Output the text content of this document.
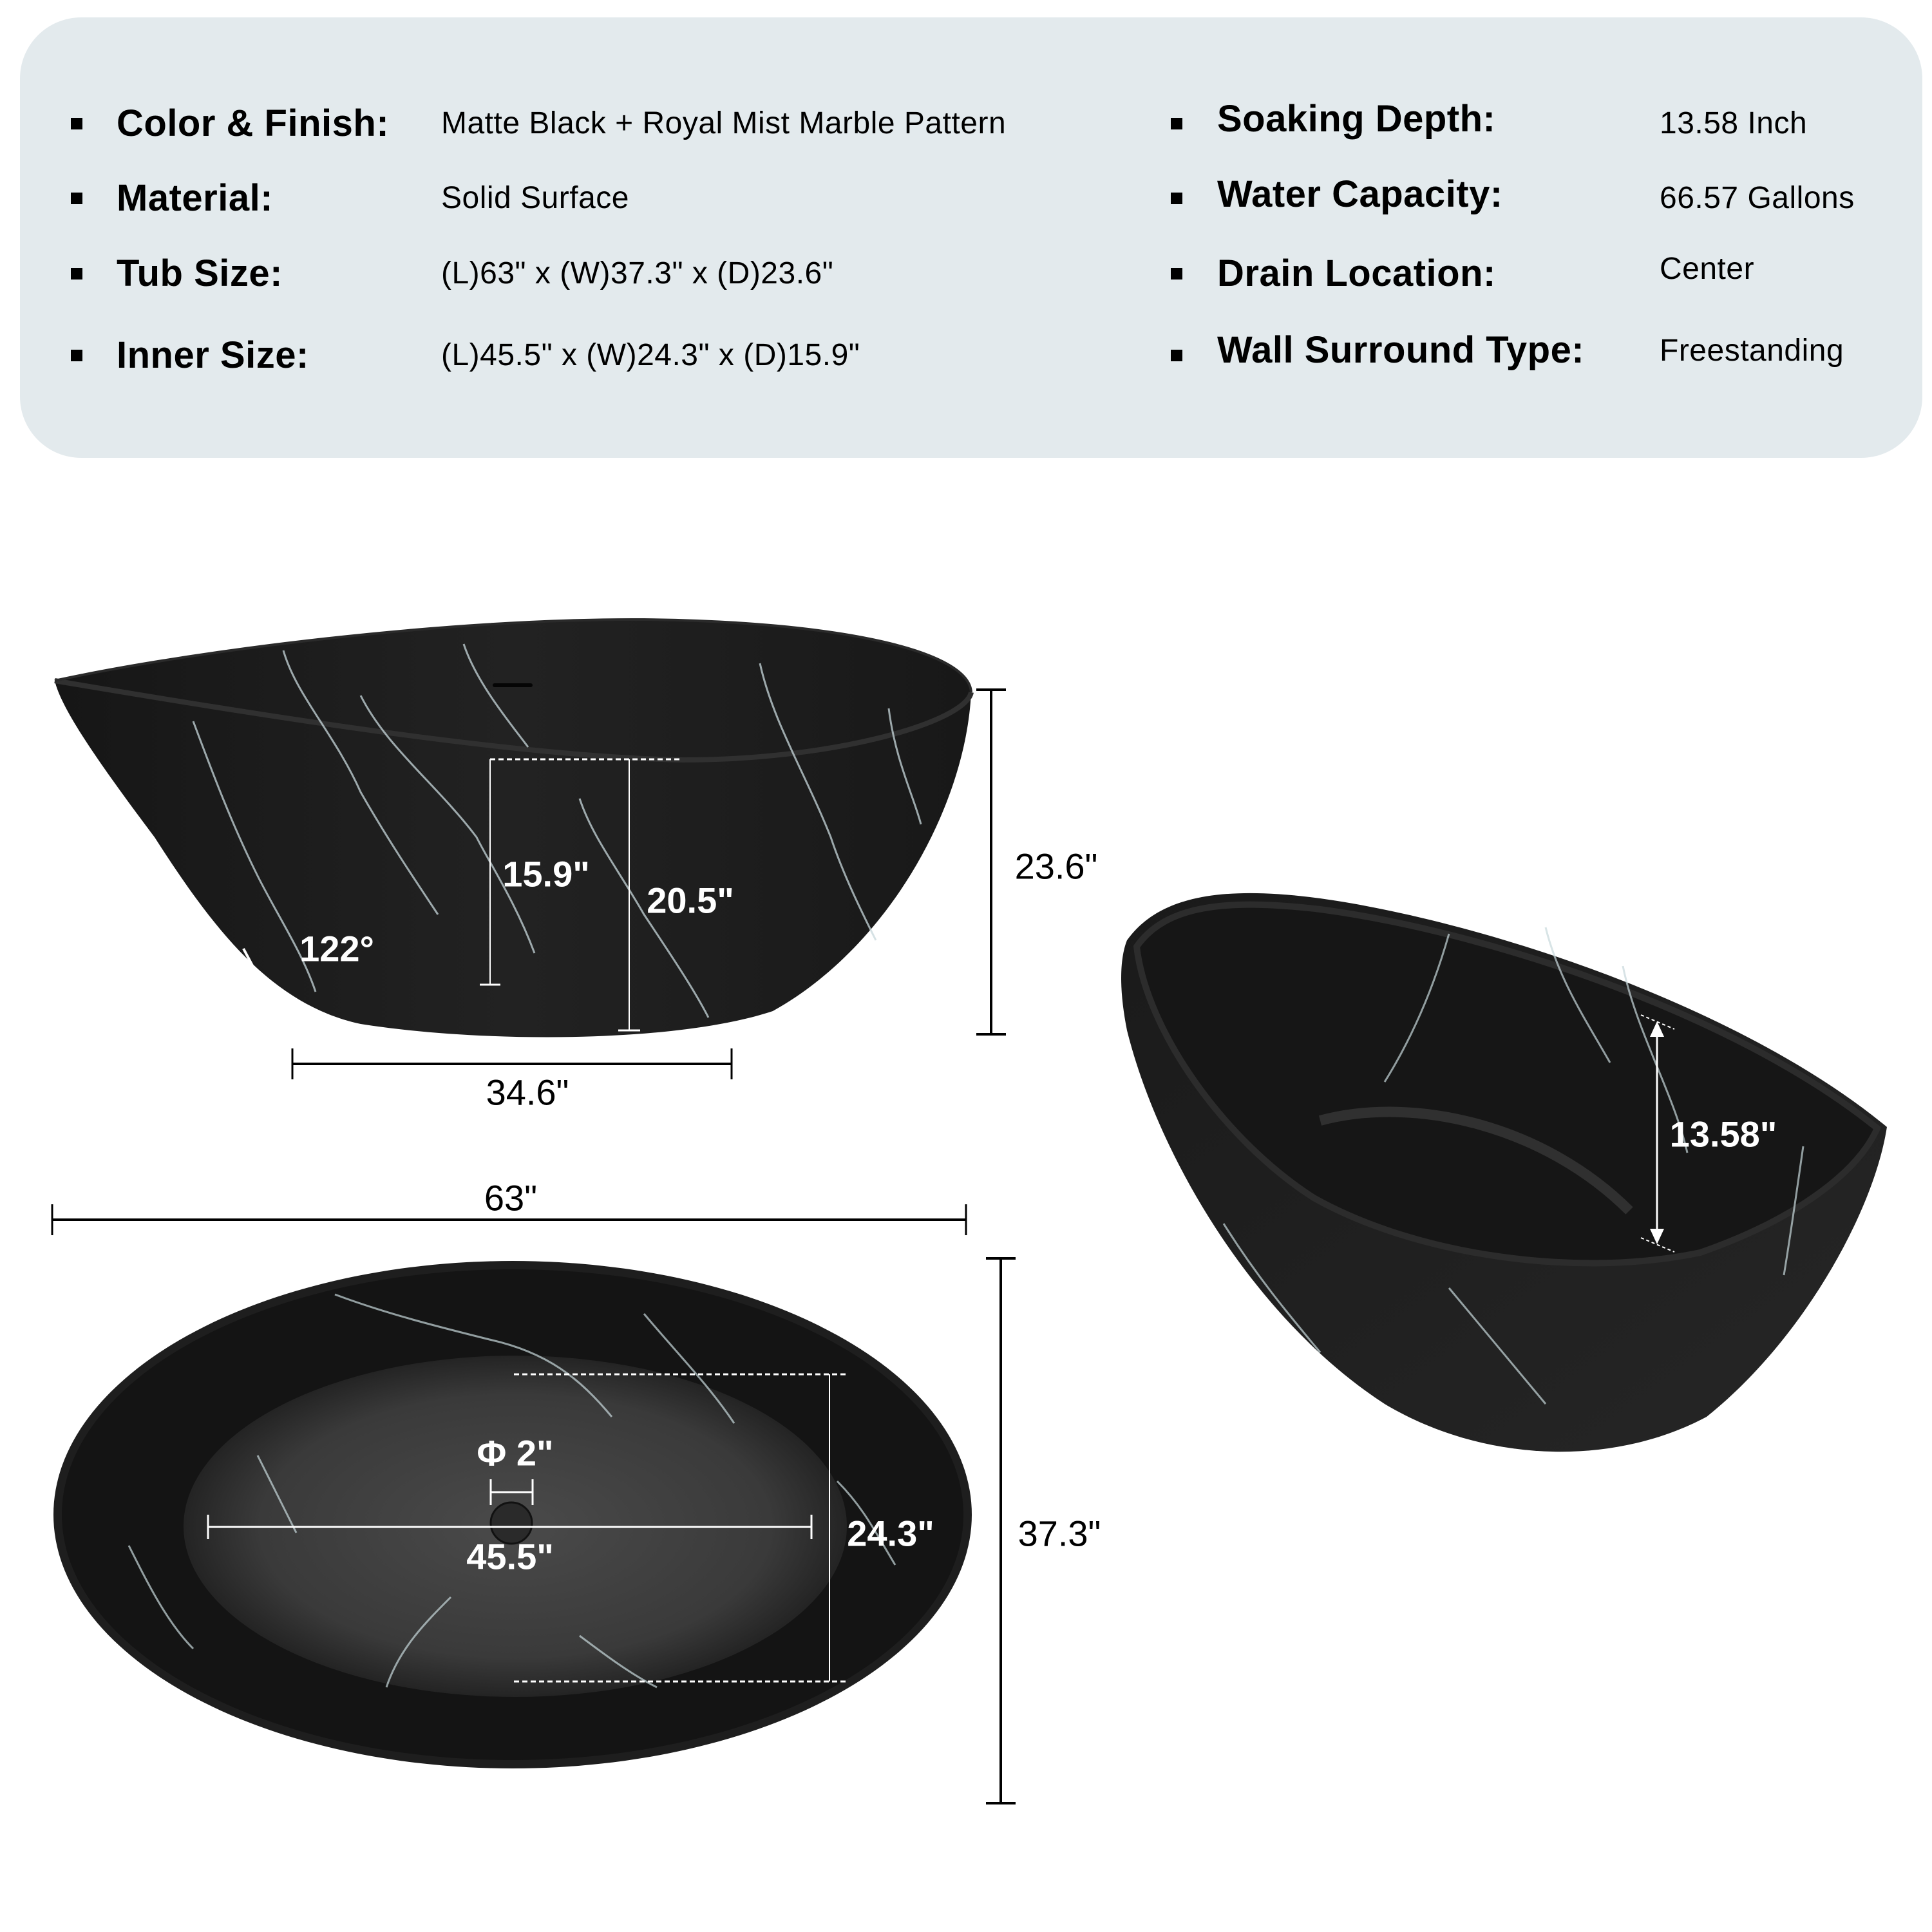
Color & Finish: Matte Black + Royal Mist Marble Pattern
Material:	Solid Surface
Tub Size:	(L)63" x (W)37.3" x (D)23.6"
Inner Size:	(L)45.5" x (W)24.3" x (D)15.9"
Soaking Depth:	13.58 Inch
Water Capacity:	66.57 Gallons
Drain Location:	Center
Wall Surround Type: Freestanding
15.9"
20.5"
122°
23.6"
34.6"
13.58"
63"
37.3"
45.5"
24.3"
Φ 2"
